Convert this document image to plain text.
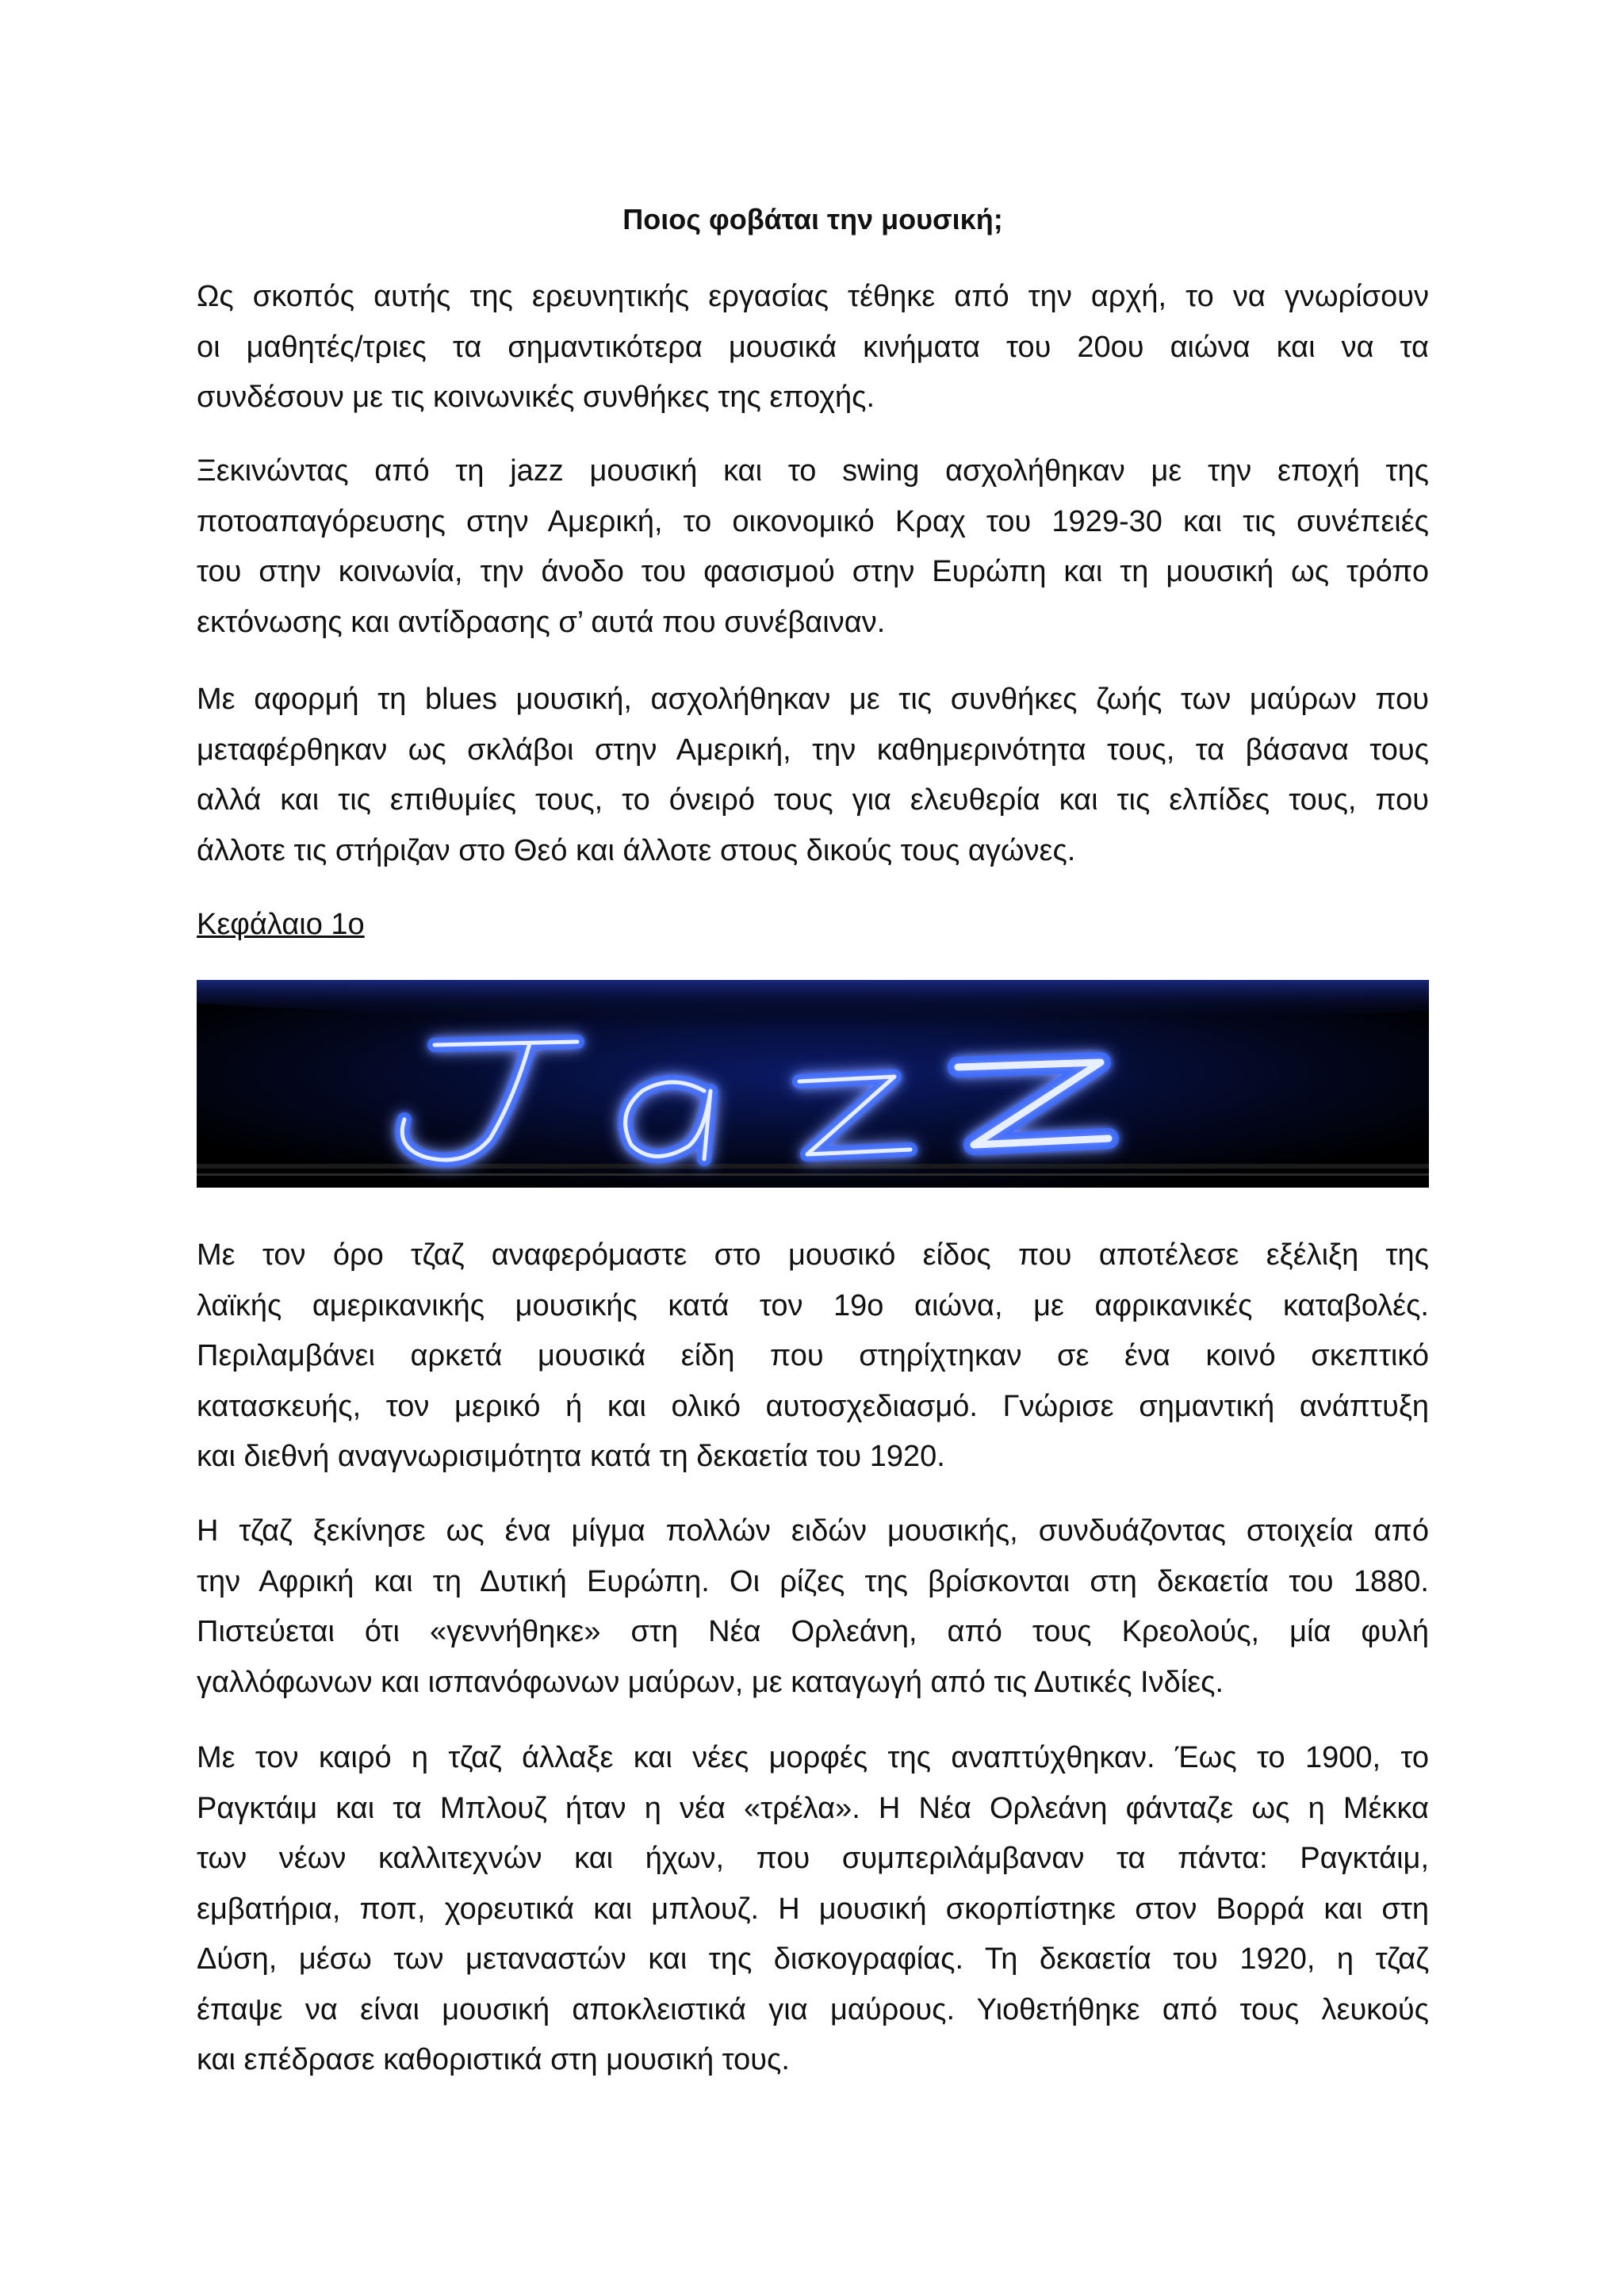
Ποιος φοβάται την μουσική;

Ως σκοπός αυτής της ερευνητικής εργασίας τέθηκε από την αρχή, το να γνωρίσουν
οι μαθητές/τριες τα σημαντικότερα μουσικά κινήματα του 20ου αιώνα και να τα
συνδέσουν με τις κοινωνικές συνθήκες της εποχής.

Ξεκινώντας από τη jazz μουσική και το swing ασχολήθηκαν με την εποχή της
ποτοαπαγόρευσης στην Αμερική, το οικονομικό Κραχ του 1929-30 και τις συνέπειές
του στην κοινωνία, την άνοδο του φασισμού στην Ευρώπη και τη μουσική ως τρόπο
εκτόνωσης και αντίδρασης σ’ αυτά που συνέβαιναν.

Με αφορμή τη blues μουσική, ασχολήθηκαν με τις συνθήκες ζωής των μαύρων που
μεταφέρθηκαν ως σκλάβοι στην Αμερική, την καθημερινότητα τους, τα βάσανα τους
αλλά και τις επιθυμίες τους, το όνειρό τους για ελευθερία και τις ελπίδες τους, που
άλλοτε τις στήριζαν στο Θεό και άλλοτε στους δικούς τους αγώνες.

Κεφάλαιο 1ο

Με τον όρο τζαζ αναφερόμαστε στο μουσικό είδος που αποτέλεσε εξέλιξη της
λαϊκής αμερικανικής μουσικής κατά τον 19ο αιώνα, με αφρικανικές καταβολές.
Περιλαμβάνει αρκετά μουσικά είδη που στηρίχτηκαν σε ένα κοινό σκεπτικό
κατασκευής, τον μερικό ή και ολικό αυτοσχεδιασμό. Γνώρισε σημαντική ανάπτυξη
και διεθνή αναγνωρισιμότητα κατά τη δεκαετία του 1920.

Η τζαζ ξεκίνησε ως ένα μίγμα πολλών ειδών μουσικής, συνδυάζοντας στοιχεία από
την Αφρική και τη Δυτική Ευρώπη. Οι ρίζες της βρίσκονται στη δεκαετία του 1880.
Πιστεύεται ότι «γεννήθηκε» στη Νέα Ορλεάνη, από τους Κρεολούς, μία φυλή
γαλλόφωνων και ισπανόφωνων μαύρων, με καταγωγή από τις Δυτικές Ινδίες.

Με τον καιρό η τζαζ άλλαξε και νέες μορφές της αναπτύχθηκαν. Έως το 1900, το
Ραγκτάιμ και τα Μπλουζ ήταν η νέα «τρέλα». Η Νέα Ορλεάνη φάνταζε ως η Μέκκα
των νέων καλλιτεχνών και ήχων, που συμπεριλάμβαναν τα πάντα: Ραγκτάιμ,
εμβατήρια, ποπ, χορευτικά και μπλουζ. Η μουσική σκορπίστηκε στον Βορρά και στη
Δύση, μέσω των μεταναστών και της δισκογραφίας. Τη δεκαετία του 1920, η τζαζ
έπαψε να είναι μουσική αποκλειστικά για μαύρους. Υιοθετήθηκε από τους λευκούς
και επέδρασε καθοριστικά στη μουσική τους.
